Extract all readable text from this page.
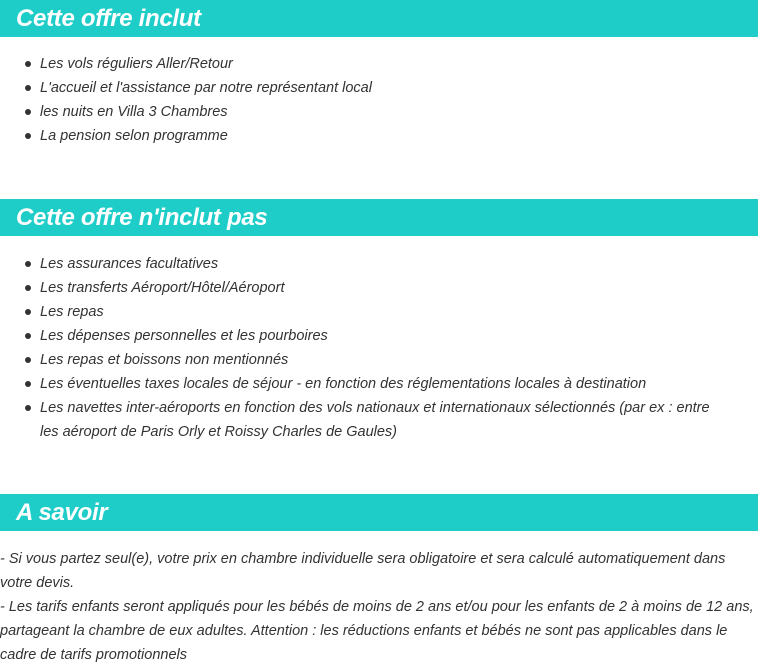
Cette offre inclut
Les vols réguliers Aller/Retour
L'accueil et l'assistance par notre représentant local
les nuits en Villa 3 Chambres
La pension selon programme
Cette offre n'inclut pas
Les assurances facultatives
Les transferts Aéroport/Hôtel/Aéroport
Les repas
Les dépenses personnelles et les pourboires
Les repas et boissons non mentionnés
Les éventuelles taxes locales de séjour - en fonction des réglementations locales à destination
Les navettes inter-aéroports en fonction des vols nationaux et internationaux sélectionnés (par ex : entre les aéroport de Paris Orly et Roissy Charles de Gaules)
A savoir

- Si vous partez seul(e), votre prix en chambre individuelle sera obligatoire et sera calculé automatiquement dans votre devis.

- Les tarifs enfants seront appliqués pour les bébés de moins de 2 ans et/ou pour les enfants de 2 à moins de 12 ans, partageant la chambre de eux adultes. Attention : les réductions enfants et bébés ne sont pas applicables dans le cadre de tarifs promotionnels
